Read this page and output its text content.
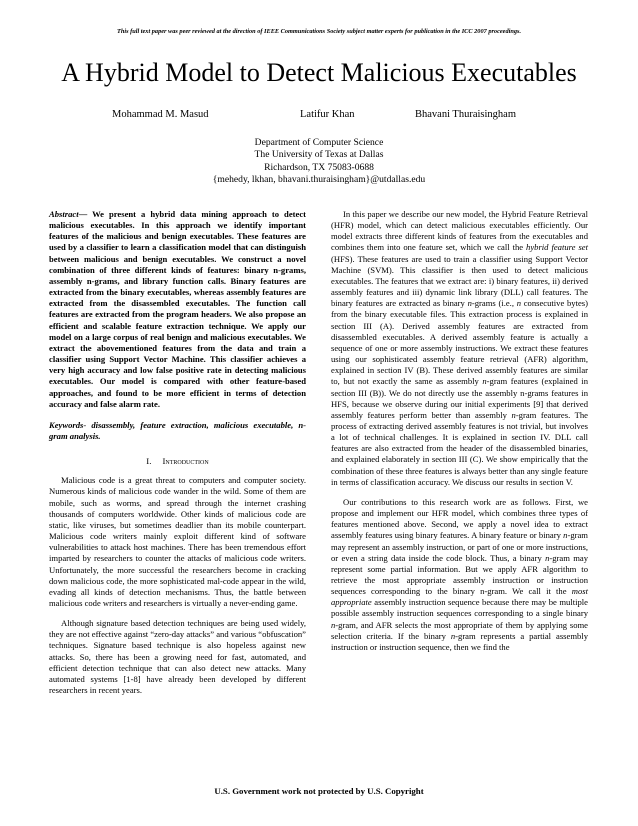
This full text paper was peer reviewed at the direction of IEEE Communications Society subject matter experts for publication in the ICC 2007 proceedings.
A Hybrid Model to Detect Malicious Executables
Mohammad M. Masud	Latifur Khan	Bhavani Thuraisingham
Department of Computer Science
The University of Texas at Dallas
Richardson, TX 75083-0688
{mehedy, lkhan, bhavani.thuraisingham}@utdallas.edu

Abstract— We present a hybrid data mining approach to detect malicious executables. In this approach we identify important features of the malicious and benign executables. These features are used by a classifier to learn a classification model that can distinguish between malicious and benign executables. We construct a novel combination of three different kinds of features: binary n-grams, assembly n-grams, and library function calls. Binary features are extracted from the binary executables, whereas assembly features are extracted from the disassembled executables. The function call features are extracted from the program headers. We also propose an efficient and scalable feature extraction technique. We apply our model on a large corpus of real benign and malicious executables. We extract the abovementioned features from the data and train a classifier using Support Vector Machine. This classifier achieves a very high accuracy and low false positive rate in detecting malicious executables. Our model is compared with other feature-based approaches, and found to be more efficient in terms of detection accuracy and false alarm rate.

Keywords- disassembly, feature extraction, malicious executable, n-gram analysis.

I. Introduction

Malicious code is a great threat to computers and computer society. Numerous kinds of malicious code wander in the wild. Some of them are mobile, such as worms, and spread through the internet crashing thousands of computers worldwide. Other kinds of malicious code are static, like viruses, but sometimes deadlier than its mobile counterpart. Malicious code writers mainly exploit different kind of software vulnerabilities to attack host machines. There has been tremendous effort imparted by researchers to counter the attacks of malicious code writers. Unfortunately, the more successful the researchers become in cracking down malicious code, the more sophisticated mal-code appear in the wild, evading all kinds of detection mechanisms. Thus, the battle between malicious code writers and researchers is virtually a never-ending game.

Although signature based detection techniques are being used widely, they are not effective against “zero-day attacks” and various “obfuscation” techniques. Signature based technique is also hopeless against new attacks. So, there has been a growing need for fast, automated, and efficient detection technique that can also detect new attacks. Many automated systems [1-8] have already been developed by different researchers in recent years.

In this paper we describe our new model, the Hybrid Feature Retrieval (HFR) model, which can detect malicious executables efficiently. Our model extracts three different kinds of features from the executables and combines them into one feature set, which we call the hybrid feature set (HFS). These features are used to train a classifier using Support Vector Machine (SVM). This classifier is then used to detect malicious executables. The features that we extract are: i) binary features, ii) derived assembly features and iii) dynamic link library (DLL) call features. The binary features are extracted as binary n-grams (i.e., n consecutive bytes) from the binary executable files. This extraction process is explained in section III (A). Derived assembly features are extracted from disassembled executables. A derived assembly feature is actually a sequence of one or more assembly instructions. We extract these features using our sophisticated assembly feature retrieval (AFR) algorithm, explained in section IV (B). These derived assembly features are similar to, but not exactly the same as assembly n-gram features (explained in section III (B)). We do not directly use the assembly n-grams features in HFS, because we observe during our initial experiments [9] that derived assembly features perform better than assembly n-gram features. The process of extracting derived assembly features is not trivial, but involves a lot of technical challenges. It is explained in section IV. DLL call features are also extracted from the header of the disassembled binaries, and explained elaborately in section III (C). We show empirically that the combination of these three features is always better than any single feature in terms of classification accuracy. We discuss our results in section V.

Our contributions to this research work are as follows. First, we propose and implement our HFR model, which combines three types of features mentioned above. Second, we apply a novel idea to extract assembly features using binary features. A binary feature or binary n-gram may represent an assembly instruction, or part of one or more instructions, or even a string data inside the code block. Thus, a binary n-gram may represent some partial information. But we apply AFR algorithm to retrieve the most appropriate assembly instruction or instruction sequences corresponding to the binary n-gram. We call it the most appropriate assembly instruction sequence because there may be multiple possible assembly instruction sequences corresponding to a single binary n-gram, and AFR selects the most appropriate of them by applying some selection criteria. If the binary n-gram represents a partial assembly instruction or instruction sequence, then we find the

U.S. Government work not protected by U.S. Copyright
